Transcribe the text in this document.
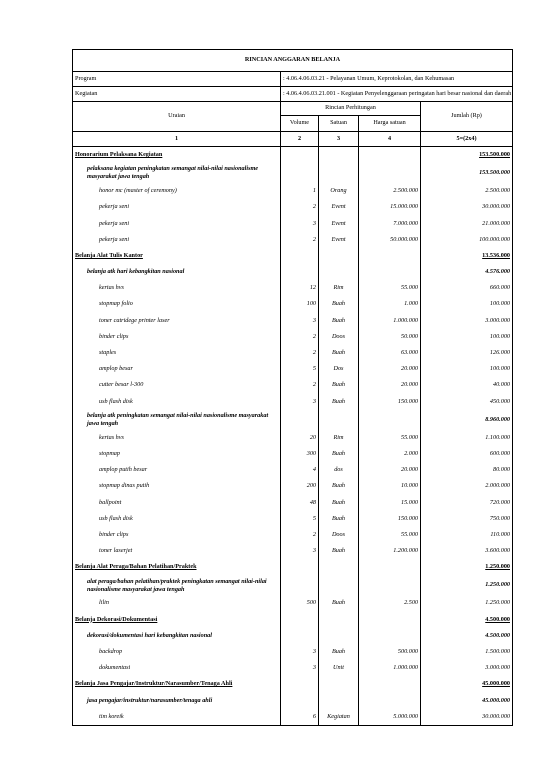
RINCIAN ANGGARAN BELANJA				
Program	: 4.06.4.06.03.21 - Pelayanan Umum, Keprotokolan, dan Kehumasan			
Kegiatan	: 4.06.4.06.03.21.001 - Kegiatan Penyelenggaraan peringatan hari besar nasional dan daerah			
Uraian	Rincian Perhitungan			Jumlah (Rp)
	Volume	Satuan	Harga satuan	
1	2	3	4	5=(2x4)
Honorarium Pelaksana Kegiatan				153.500.000
pelaksana kegiatan peningkatan semangat nilai-nilai nasionalisme masyarakat jawa tengah				153.500.000
honor mc (master of ceremony)	1	Orang	2.500.000	2.500.000
pekerja seni	2	Event	15.000.000	30.000.000
pekerja seni	3	Event	7.000.000	21.000.000
pekerja seni	2	Event	50.000.000	100.000.000
Belanja Alat Tulis Kantor				13.536.000
belanja atk hari kebangkitan nasional				4.576.000
kertas hvs	12	Rim	55.000	660.000
stopmap folio	100	Buah	1.000	100.000
toner catridege printer laser	3	Buah	1.000.000	3.000.000
binder clips	2	Doos	50.000	100.000
staples	2	Buah	63.000	126.000
amplop besar	5	Dos	20.000	100.000
cutter besar l-300	2	Buah	20.000	40.000
usb flash disk	3	Buah	150.000	450.000
belanja atk peningkatan semangat nilai-nilai nasionalisme masyarakat jawa tengah				8.960.000
kertas hvs	20	Rim	55.000	1.100.000
stopmap	300	Buah	2.000	600.000
amplop putih besar	4	dos	20.000	80.000
stopmap dinas putih	200	Buah	10.000	2.000.000
ballpoint	48	Buah	15.000	720.000
usb flash disk	5	Buah	150.000	750.000
binder clips	2	Doos	55.000	110.000
toner laserjet	3	Buah	1.200.000	3.600.000
Belanja Alat Peraga/Bahan Pelatihan/Praktek				1.250.000
alat peraga/bahan pelatihan/praktek peningkatan semangat nilai-nilai nasionalisme masyarakat jawa tengah				1.250.000
lilin	500	Buah	2.500	1.250.000
Belanja Dekorasi/Dokumentasi				4.500.000
dekorasi/dokumentasi hari kebangkitan nasional				4.500.000
backdrop	3	Buah	500.000	1.500.000
dokumentasi	3	Unit	1.000.000	3.000.000
Belanja Jasa Pengajar/Instruktur/Narasumber/Tenaga Ahli				45.000.000
jasa pengajar/instruktur/narasumber/tenaga ahli				45.000.000
tim koreik	6	Kegiatan	5.000.000	30.000.000
